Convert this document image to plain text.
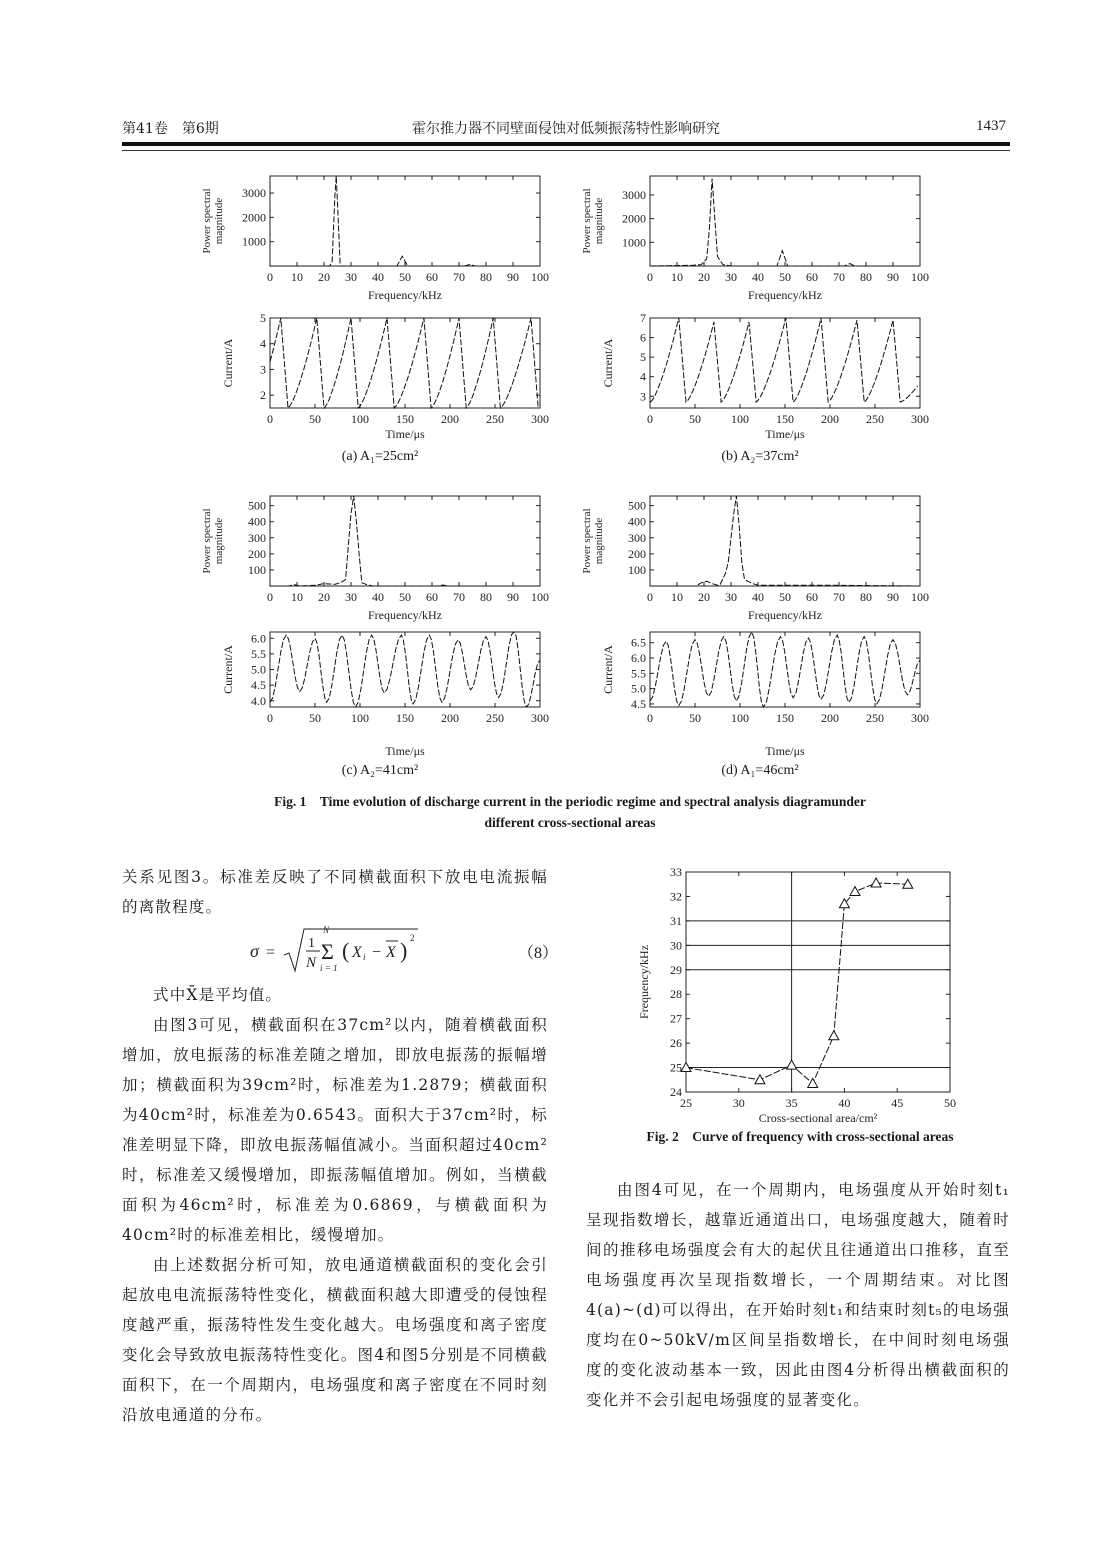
第41卷　第6期	霍尔推力器不同壁面侵蚀对低频振荡特性影响研究	1437
0 10 20 30 40 50 60 70 80 90 100
1000
2000
3000
Frequency/kHz
Power spectral magnitude
0 10 20 30 40 50 60 70 80 90 100
1000
2000
3000
Frequency/kHz
Power spectral magnitude
0	50	100 150 200 250 300
2
3
4
5
Time/μs
Current/A
0	50	100 150 200 250 300
3
4
5
6
7
Time/μs
Current/A
0 10 20 30 40 50 60 70 80 90 100
100
200
300
400
500
Frequency/kHz
Power spectral magnitude
0 10 20 30 40 50 60 70 80 90 100
100
200
300
400
500
Frequency/kHz
Power spectral magnitude
0	50	100 150 200 250 300
4.0
4.5
5.0
5.5
6.0
Time/μs
Current/A
0	50	100 150 200 250 300
4.5
5.0
5.5
6.0
6.5
Time/μs
Current/A
(a) A₁=25cm²	(b) A₂=37cm²
(c) A₂=41cm²	(d) A₁=46cm²
Fig. 1　Time evolution of discharge current in the periodic regime and spectral analysis diagramunder
different cross-sectional areas

关系见图3。标准差反映了不同横截面积下放电电流振幅的离散程度。

σ =
1
N
N
Σ
i = 1
( X i − X ) 2
（8）

式中X̄是平均值。

由图3可见，横截面积在37cm²以内，随着横截面积增加，放电振荡的标准差随之增加，即放电振荡的振幅增加；横截面积为39cm²时，标准差为1.2879；横截面积为40cm²时，标准差为0.6543。面积大于37cm²时，标准差明显下降，即放电振荡幅值减小。当面积超过40cm²时，标准差又缓慢增加，即振荡幅值增加。例如，当横截面积为46cm²时，标准差为0.6869，与横截面积为40cm²时的标准差相比，缓慢增加。

由上述数据分析可知，放电通道横截面积的变化会引起放电电流振荡特性变化，横截面积越大即遭受的侵蚀程度越严重，振荡特性发生变化越大。电场强度和离子密度变化会导致放电振荡特性变化。图4和图5分别是不同横截面积下，在一个周期内，电场强度和离子密度在不同时刻沿放电通道的分布。

25	30	35	40	45	50
24
25
26
27
28
29
30
31
32
33
Cross-sectional area/cm²
Frequency/kHz
Fig. 2　Curve of frequency with cross-sectional areas

由图4可见，在一个周期内，电场强度从开始时刻t₁呈现指数增长，越靠近通道出口，电场强度越大，随着时间的推移电场强度会有大的起伏且往通道出口推移，直至电场强度再次呈现指数增长，一个周期结束。对比图4(a)~(d)可以得出，在开始时刻t₁和结束时刻t₅的电场强度均在0~50kV/m区间呈指数增长，在中间时刻电场强度的变化波动基本一致，因此由图4分析得出横截面积的变化并不会引起电场强度的显著变化。
